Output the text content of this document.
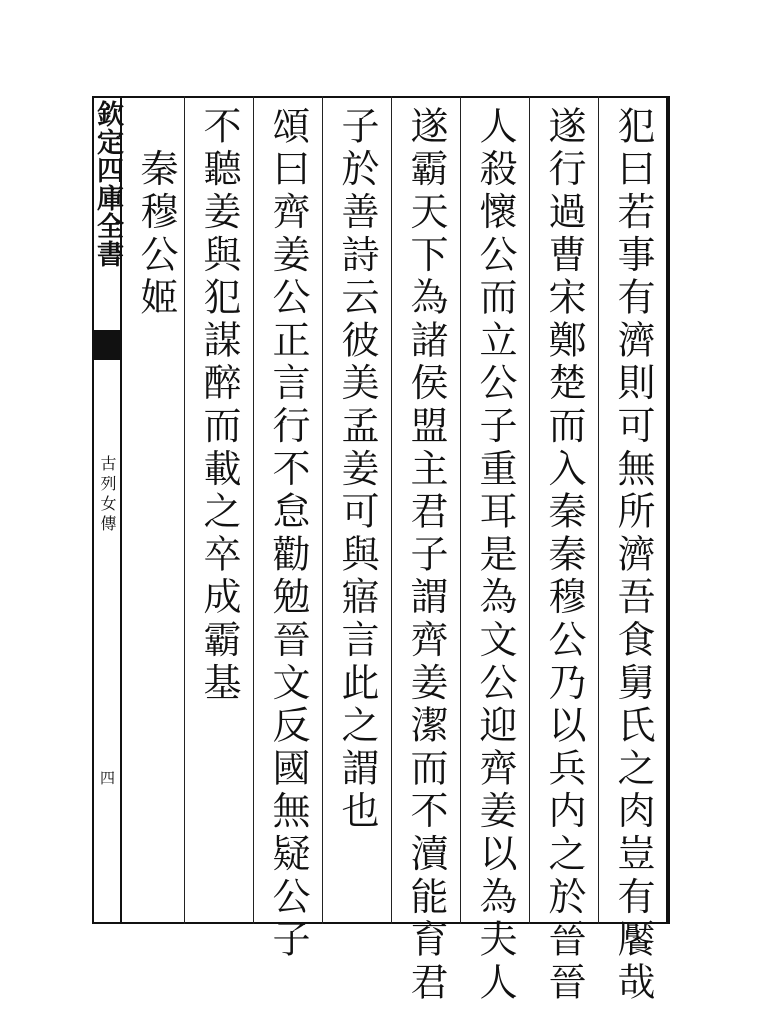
欽定四庫全書
古列女傳
四	犯曰若事有濟則可無所濟吾食舅氏之肉豈有饜哉
遂行過曹宋鄭楚而入秦秦穆公乃以兵内之於晉晉
人殺懷公而立公子重耳是為文公迎齊姜以為夫人
遂霸天下為諸侯盟主君子謂齊姜潔而不瀆能育君
子於善詩云彼美孟姜可與寤言此之謂也
頌曰齊姜公正言行不怠勸勉晉文反國無疑公子
不聽姜與犯謀醉而載之卒成霸基
　秦穆公姬
